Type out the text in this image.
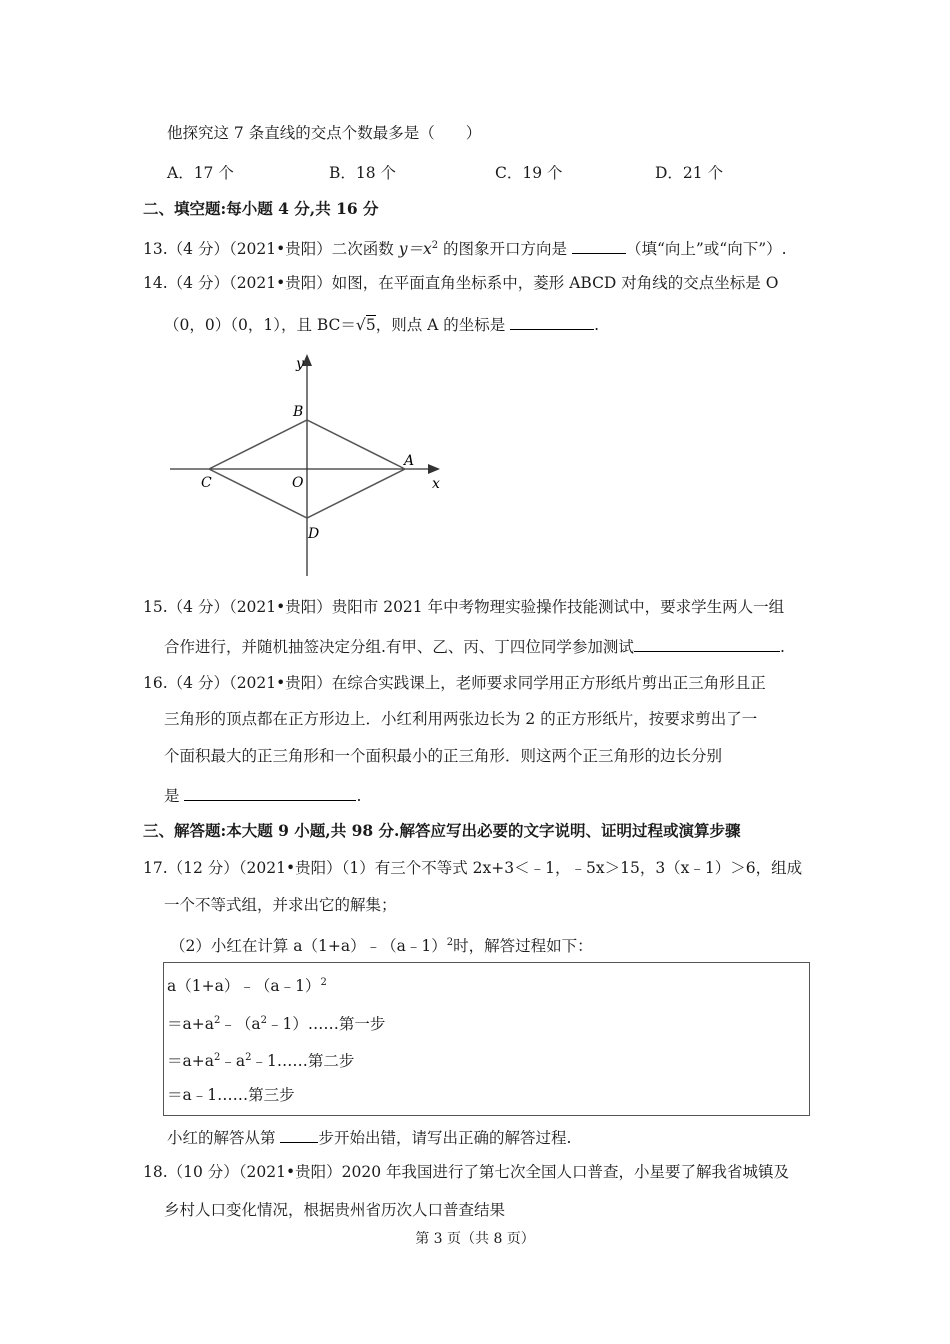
他探究这 7 条直线的交点个数最多是（　　）
A．17 个	B．18 个	C．19 个	D．21 个
二、填空题:每小题 4 分,共 16 分
13.（4 分）（2021•贵阳）二次函数 $y=x^2$ 的图象开口方向是	（填“向上”或“向下”）.
14.（4 分）（2021•贵阳）如图，在平面直角坐标系中，菱形 ABCD 对角线的交点坐标是 O
（0，0）（0，1），且 BC＝√5，则点 A 的坐标是	.
y
x
B
A
C	O
D
15.（4 分）（2021•贵阳）贵阳市 2021 年中考物理实验操作技能测试中，要求学生两人一组
合作进行，并随机抽签决定分组.有甲、乙、丙、丁四位同学参加测试	.
16.（4 分）（2021•贵阳）在综合实践课上，老师要求同学用正方形纸片剪出正三角形且正
三角形的顶点都在正方形边上．小红利用两张边长为 2 的正方形纸片，按要求剪出了一
个面积最大的正三角形和一个面积最小的正三角形．则这两个正三角形的边长分别
是	.
三、解答题:本大题 9 小题,共 98 分.解答应写出必要的文字说明、证明过程或演算步骤
17.（12 分）（2021•贵阳）（1）有三个不等式 2x+3＜﹣1，﹣5x＞15，3（x﹣1）＞6，组成
一个不等式组，并求出它的解集；
（2）小红在计算 a（1+a）﹣（a﹣1）$^2$时，解答过程如下：
a（1+a）﹣（a﹣1）$^2$
$=a+a^2﹣(a^2﹣1)\dots\dots$第一步
$=a+a^2﹣a^2﹣1\dots\dots$第二步
＝a﹣1……第三步
小红的解答从第 步开始出错，请写出正确的解答过程.
18.（10 分）（2021•贵阳）2020 年我国进行了第七次全国人口普查，小星要了解我省城镇及
乡村人口变化情况，根据贵州省历次人口普查结果
第 3 页（共 8 页）
